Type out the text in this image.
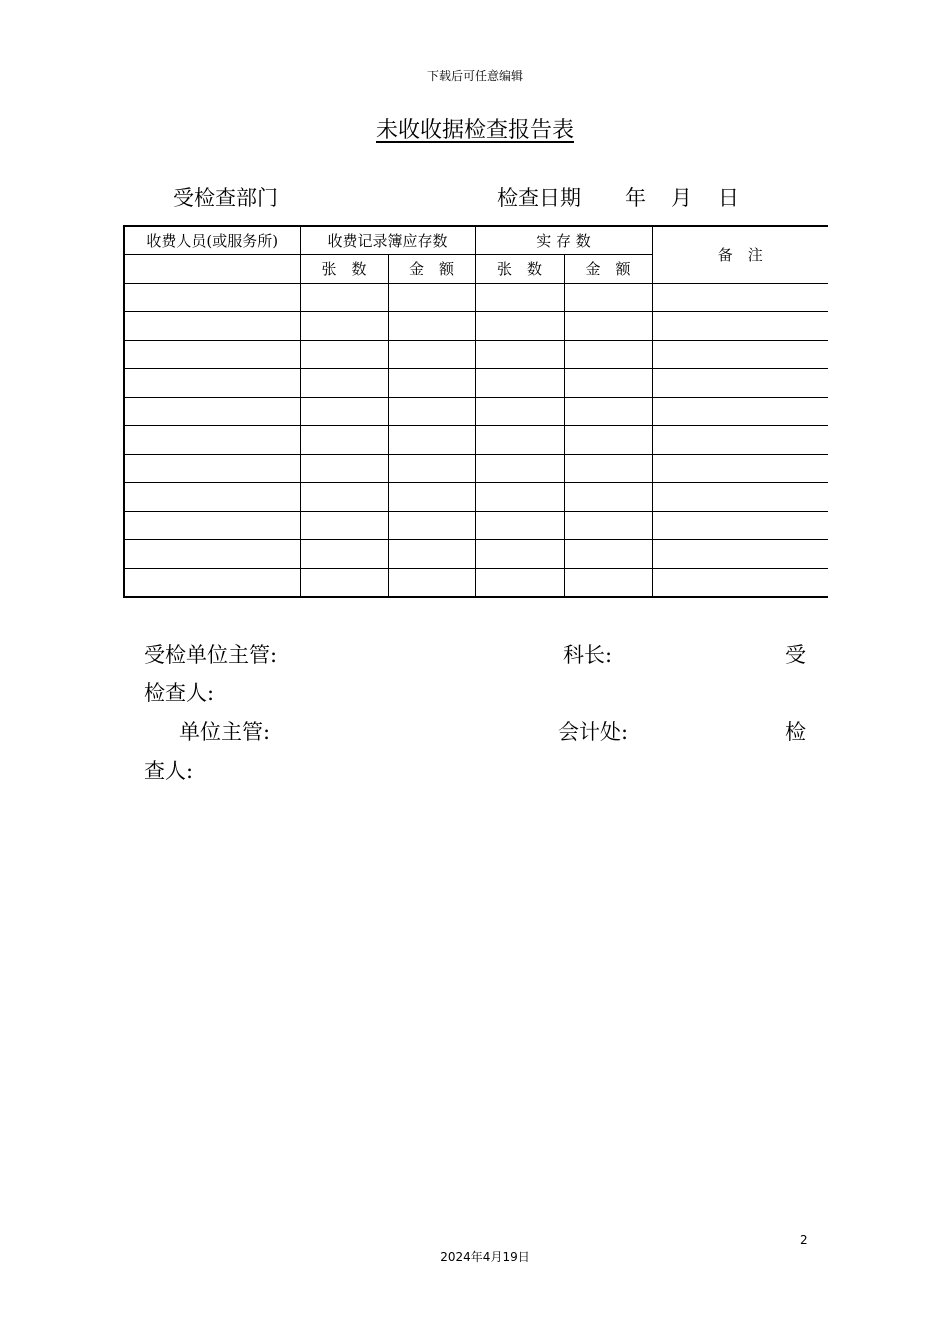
下载后可任意编辑
未收收据检查报告表
受检查部门	检查日期 年 月 日
收费人员(或服务所)	收费记录簿应存数		实 存 数		备　注
	张　数	金　额	张　数	金　额	

受检单位主管:	科长:	受
检查人:
单位主管:	会计处:	检
查人:
2
2024年4月19日
